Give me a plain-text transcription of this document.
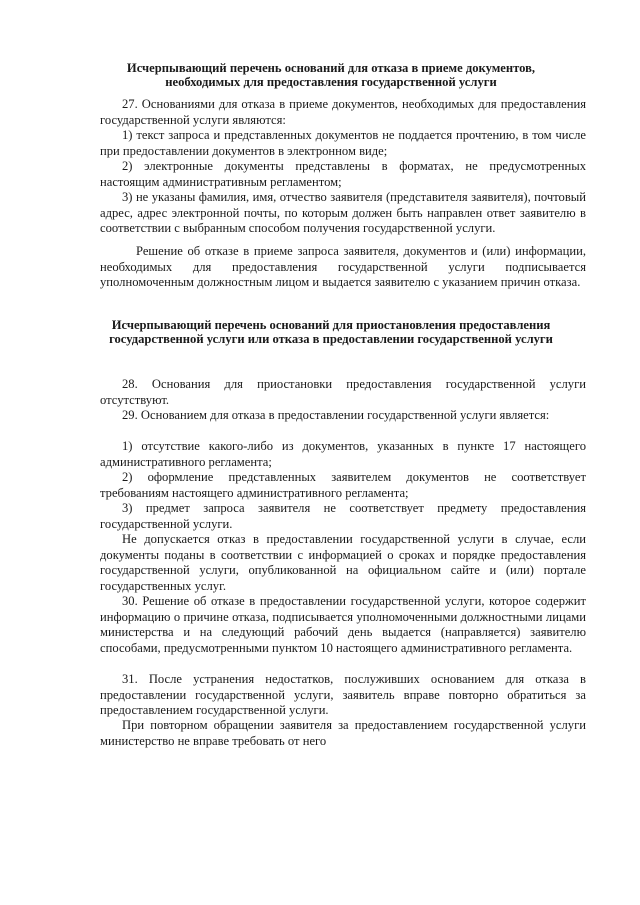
Исчерпывающий перечень оснований для отказа в приеме документов, необходимых для предоставления государственной услуги
27. Основаниями для отказа в приеме документов, необходимых для предоставления государственной услуги являются:
1) текст запроса и представленных документов не поддается прочтению, в том числе при предоставлении документов в электронном виде;
2) электронные документы представлены в форматах, не предусмотренных настоящим административным регламентом;
3) не указаны фамилия, имя, отчество заявителя (представителя заявителя), почтовый адрес, адрес электронной почты, по которым должен быть направлен ответ заявителю в соответствии с выбранным способом получения государственной услуги.
Решение об отказе в приеме запроса заявителя, документов и (или) информации, необходимых для предоставления государственной услуги подписывается уполномоченным должностным лицом и выдается заявителю с указанием причин отказа.
Исчерпывающий перечень оснований для приостановления предоставления государственной услуги или отказа в предоставлении государственной услуги
28. Основания для приостановки предоставления государственной услуги отсутствуют.
29. Основанием для отказа в предоставлении государственной услуги является:
1) отсутствие какого-либо из документов, указанных в пункте 17 настоящего административного регламента;
2) оформление представленных заявителем документов не соответствует требованиям настоящего административного регламента;
3) предмет запроса заявителя не соответствует предмету предоставления государственной услуги.
Не допускается отказ в предоставлении государственной услуги в случае, если документы поданы в соответствии с информацией о сроках и порядке предоставления государственной услуги, опубликованной на официальном сайте и (или) портале государственных услуг.
30. Решение об отказе в предоставлении государственной услуги, которое содержит информацию о причине отказа, подписывается уполномоченными должностными лицами министерства и на следующий рабочий день выдается (направляется) заявителю способами, предусмотренными пунктом 10 настоящего административного регламента.
31. После устранения недостатков, послуживших основанием для отказа в предоставлении государственной услуги, заявитель вправе повторно обратиться за предоставлением государственной услуги.
При повторном обращении заявителя за предоставлением государственной услуги министерство не вправе требовать от него
